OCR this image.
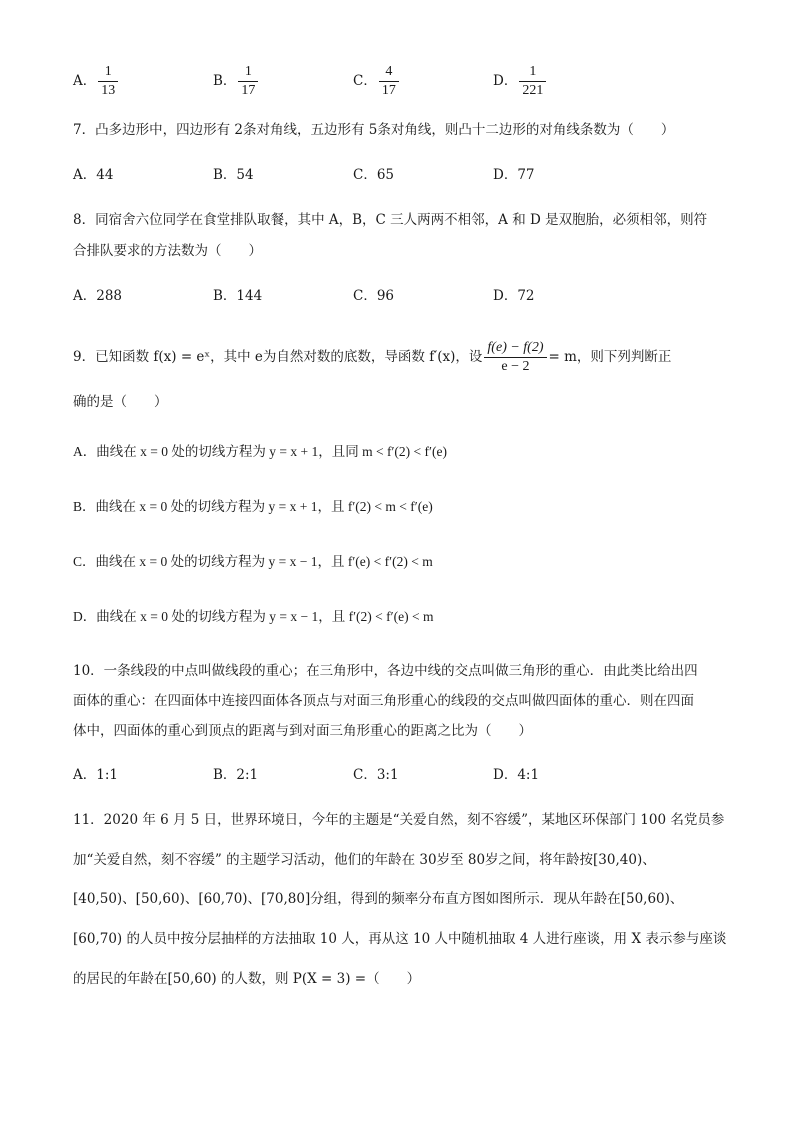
A． $\frac{1}{13}$	B． $\frac{1}{17}$	C． $\frac{4}{17}$	D． $\frac{1}{221}$
7．凸多边形中，四边形有 2条对角线，五边形有 5条对角线，则凸十二边形的对角线条数为（　　）
A．44	B．54	C．65	D．77
8．同宿舍六位同学在食堂排队取餐，其中 A，B，C 三人两两不相邻，A 和 D 是双胞胎，必须相邻，则符
合排队要求的方法数为（　　）
A．288	B．144	C．96	D．72
9．已知函数 f(x) = eˣ，其中 e为自然对数的底数，导函数 f′(x)，设 $\frac{f(e) - f(2)}{e - 2} = m$，则下列判断正
确的是（　　）
A．曲线在 x = 0 处的切线方程为 y = x + 1，且同 m < f′(2) < f′(e)
B．曲线在 x = 0 处的切线方程为 y = x + 1，且 f′(2) < m < f′(e)
C．曲线在 x = 0 处的切线方程为 y = x − 1，且 f′(e) < f′(2) < m
D．曲线在 x = 0 处的切线方程为 y = x − 1，且 f′(2) < f′(e) < m
10．一条线段的中点叫做线段的重心；在三角形中，各边中线的交点叫做三角形的重心．由此类比给出四
面体的重心：在四面体中连接四面体各顶点与对面三角形重心的线段的交点叫做四面体的重心．则在四面
体中，四面体的重心到顶点的距离与到对面三角形重心的距离之比为（　　）
A．1:1	B．2:1	C．3:1	D．4:1
11．2020 年 6 月 5 日，世界环境日，今年的主题是“关爱自然，刻不容缓”，某地区环保部门 100 名党员参
加“关爱自然，刻不容缓” 的主题学习活动，他们的年龄在 30岁至 80岁之间，将年龄按[30,40)、
[40,50)、[50,60)、[60,70)、[70,80]分组，得到的频率分布直方图如图所示．现从年龄在[50,60)、
[60,70) 的人员中按分层抽样的方法抽取 10 人，再从这 10 人中随机抽取 4 人进行座谈，用 X 表示参与座谈
的居民的年龄在[50,60) 的人数，则 P(X = 3) =（　　）
